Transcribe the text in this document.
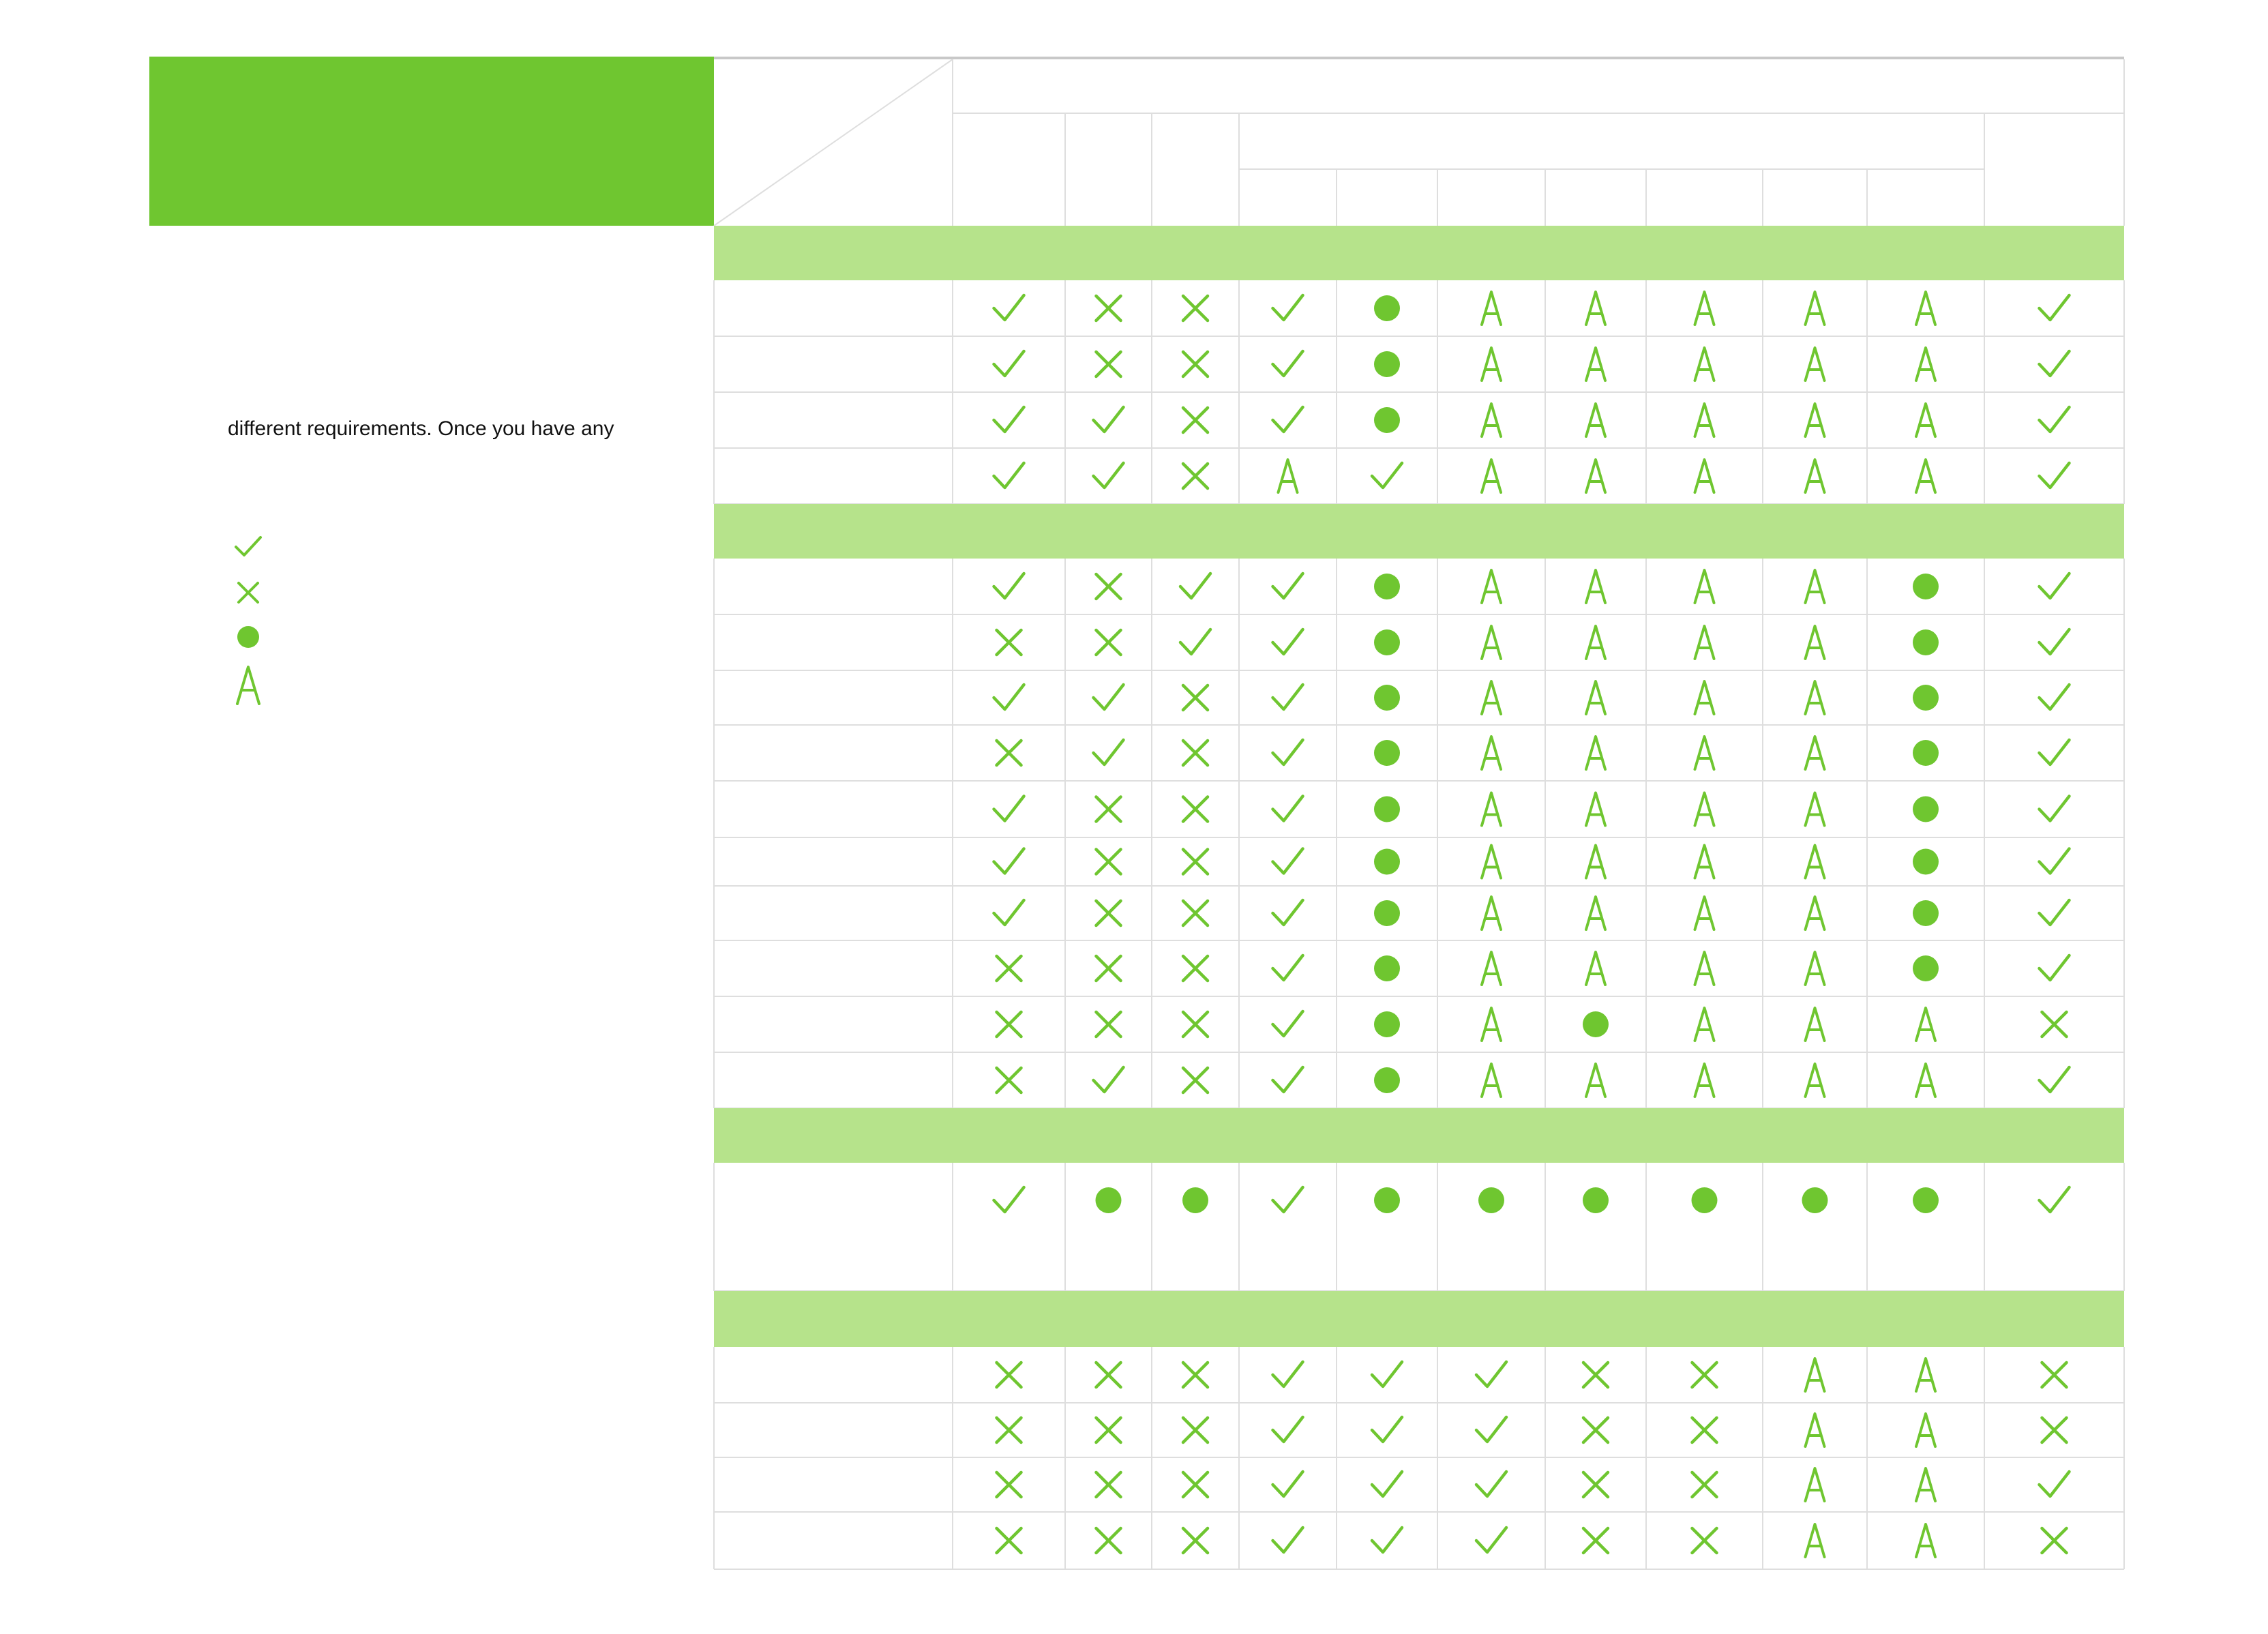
different requirements. Once you have any
